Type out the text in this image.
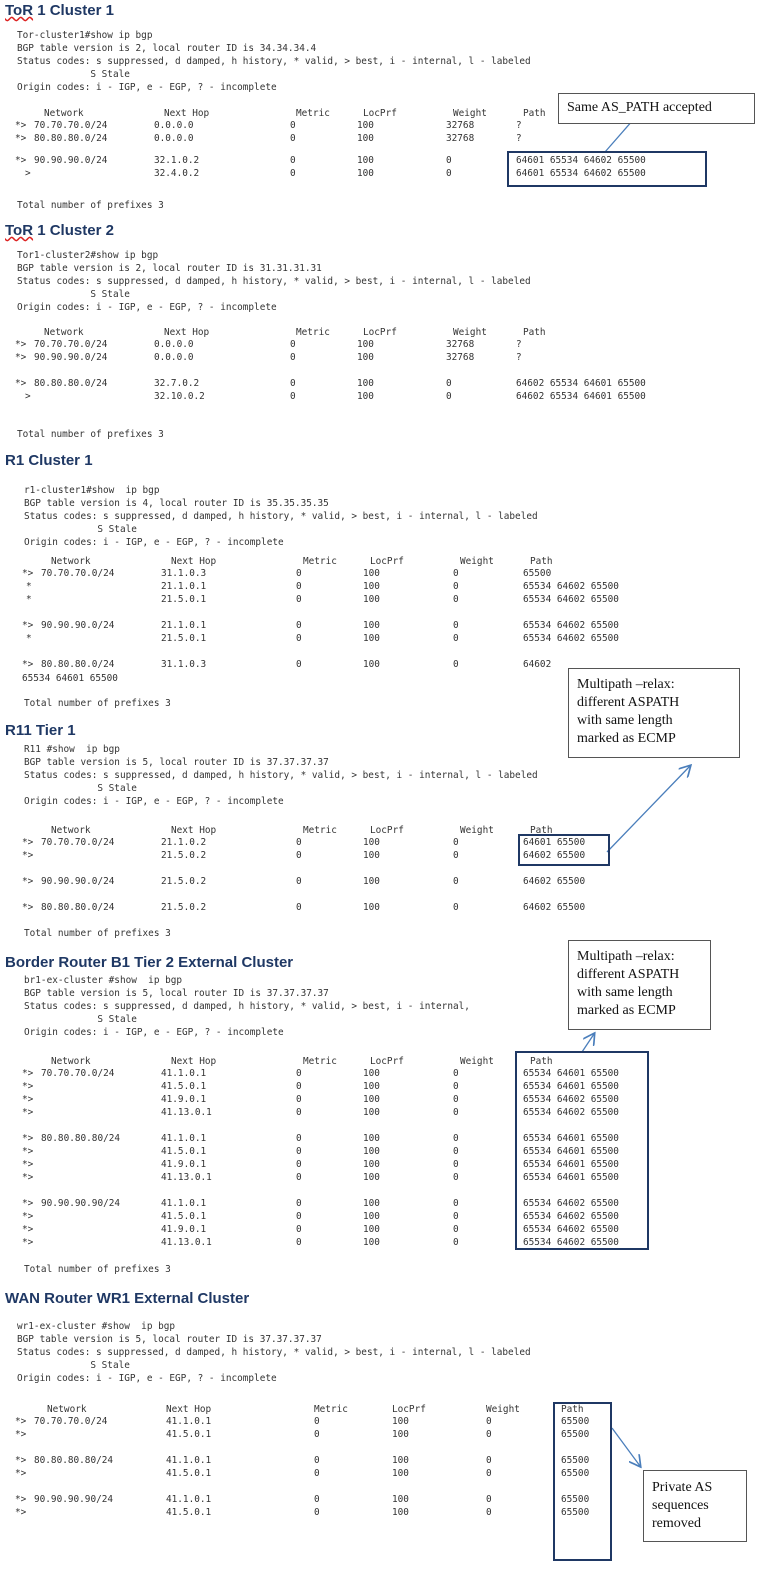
ToR 1 Cluster 1
Tor-cluster1#show ip bgp
BGP table version is 2, local router ID is 34.34.34.4
Status codes: s suppressed, d damped, h history, * valid, > best, i - internal, l - labeled
S Stale
Origin codes: i - IGP, e - EGP, ? - incomplete
Network	Next Hop	Metric	LocPrf	Weight	Path
*> 70.70.70.0/24	0.0.0.0	0	100	32768	?
*> 80.80.80.0/24	0.0.0.0	0	100	32768	?
*> 90.90.90.0/24	32.1.0.2	0	100	0	64601 65534 64602 65500
>	32.4.0.2	0	100	0	64601 65534 64602 65500
Total number of prefixes 3
ToR 1 Cluster 2
Tor1-cluster2#show ip bgp
BGP table version is 2, local router ID is 31.31.31.31
Status codes: s suppressed, d damped, h history, * valid, > best, i - internal, l - labeled
S Stale
Origin codes: i - IGP, e - EGP, ? - incomplete
Network	Next Hop	Metric	LocPrf	Weight	Path
*> 70.70.70.0/24	0.0.0.0	0	100	32768	?
*> 90.90.90.0/24	0.0.0.0	0	100	32768	?
*> 80.80.80.0/24	32.7.0.2	0	100	0	64602 65534 64601 65500
>	32.10.0.2	0	100	0	64602 65534 64601 65500
Total number of prefixes 3
R1 Cluster 1
r1-cluster1#show  ip bgp
BGP table version is 4, local router ID is 35.35.35.35
Status codes: s suppressed, d damped, h history, * valid, > best, i - internal, l - labeled
S Stale
Origin codes: i - IGP, e - EGP, ? - incomplete
Network	Next Hop	Metric	LocPrf	Weight	Path
*> 70.70.70.0/24	31.1.0.3	0	100	0	65500
*	21.1.0.1	0	100	0	65534 64602 65500
*	21.5.0.1	0	100	0	65534 64602 65500
*> 90.90.90.0/24	21.1.0.1	0	100	0	65534 64602 65500
*	21.5.0.1	0	100	0	65534 64602 65500
*> 80.80.80.0/24	31.1.0.3	0	100	0	64602
65534 64601 65500
Total number of prefixes 3
R11 Tier 1
R11 #show  ip bgp
BGP table version is 5, local router ID is 37.37.37.37
Status codes: s suppressed, d damped, h history, * valid, > best, i - internal, l - labeled
S Stale
Origin codes: i - IGP, e - EGP, ? - incomplete
Network	Next Hop	Metric	LocPrf	Weight	Path
*> 70.70.70.0/24	21.1.0.2	0	100	0	64601 65500
*>	21.5.0.2	0	100	0	64602 65500
*> 90.90.90.0/24	21.5.0.2	0	100	0	64602 65500
*> 80.80.80.0/24	21.5.0.2	0	100	0	64602 65500
Total number of prefixes 3
Border Router B1 Tier 2 External Cluster
br1-ex-cluster #show  ip bgp
BGP table version is 5, local router ID is 37.37.37.37
Status codes: s suppressed, d damped, h history, * valid, > best, i - internal,
S Stale
Origin codes: i - IGP, e - EGP, ? - incomplete
Network	Next Hop	Metric	LocPrf	Weight	Path
*> 70.70.70.0/24	41.1.0.1	0	100	0	65534 64601 65500
*>	41.5.0.1	0	100	0	65534 64601 65500
*>	41.9.0.1	0	100	0	65534 64602 65500
*>	41.13.0.1	0	100	0	65534 64602 65500
*> 80.80.80.80/24	41.1.0.1	0	100	0	65534 64601 65500
*>	41.5.0.1	0	100	0	65534 64601 65500
*>	41.9.0.1	0	100	0	65534 64601 65500
*>	41.13.0.1	0	100	0	65534 64601 65500
*> 90.90.90.90/24	41.1.0.1	0	100	0	65534 64602 65500
*>	41.5.0.1	0	100	0	65534 64602 65500
*>	41.9.0.1	0	100	0	65534 64602 65500
*>	41.13.0.1	0	100	0	65534 64602 65500
Total number of prefixes 3
WAN Router WR1 External Cluster
wr1-ex-cluster #show  ip bgp
BGP table version is 5, local router ID is 37.37.37.37
Status codes: s suppressed, d damped, h history, * valid, > best, i - internal, l - labeled
S Stale
Origin codes: i - IGP, e - EGP, ? - incomplete
Network	Next Hop	Metric	LocPrf	Weight	Path
*> 70.70.70.0/24	41.1.0.1	0	100	0	65500
*>	41.5.0.1	0	100	0	65500
*> 80.80.80.80/24	41.1.0.1	0	100	0	65500
*>	41.5.0.1	0	100	0	65500
*> 90.90.90.90/24	41.1.0.1	0	100	0	65500
*>	41.5.0.1	0	100	0	65500
Same AS_PATH accepted
Multipath –relax:
different ASPATH
with same length
marked as ECMP
Multipath –relax:
different ASPATH
with same length
marked as ECMP
Private AS
sequences
removed
